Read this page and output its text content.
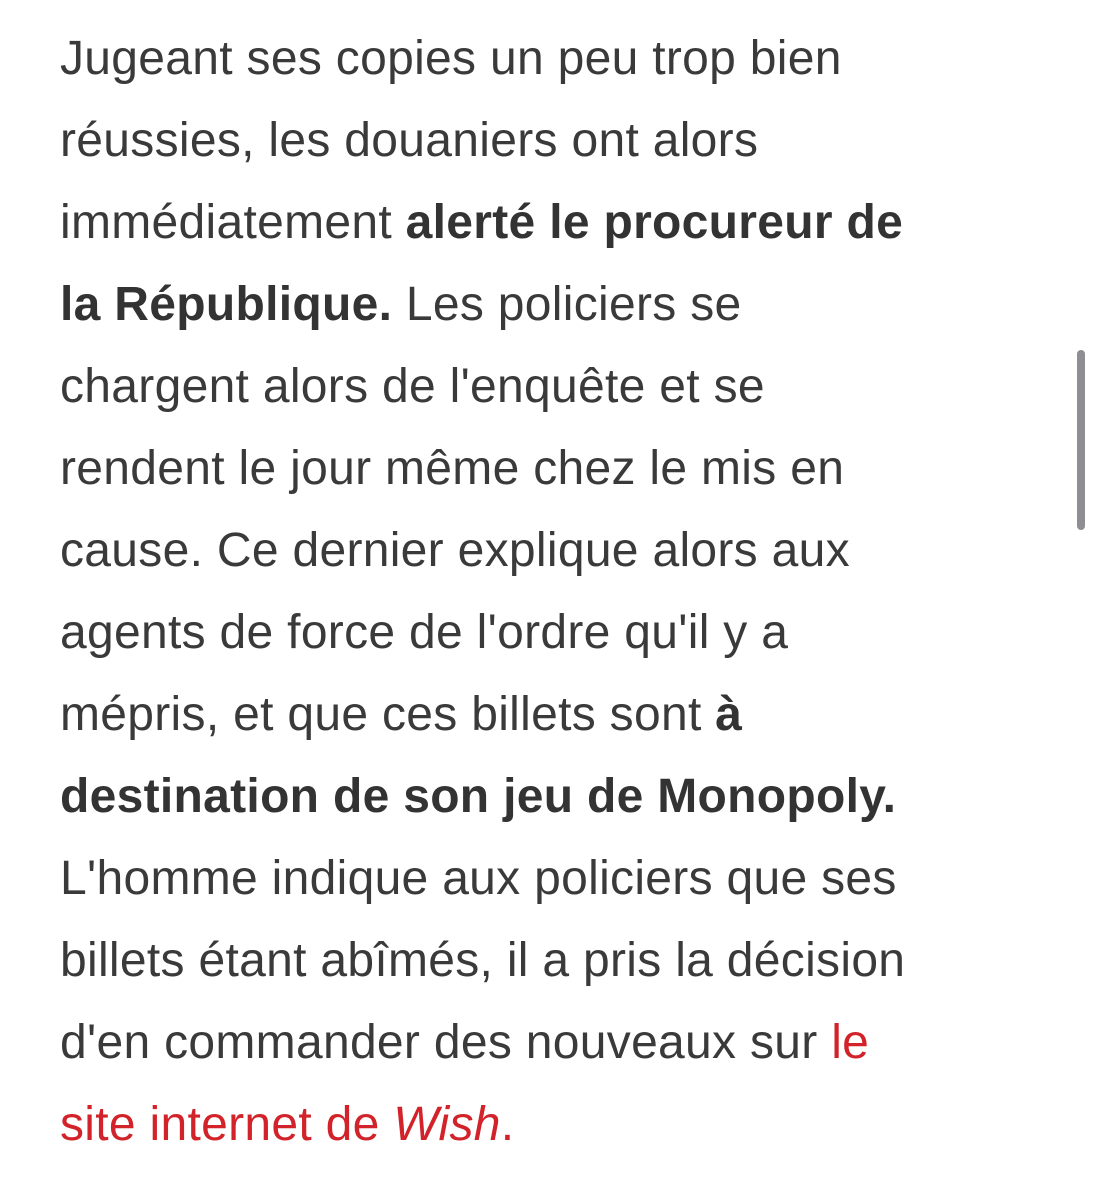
Jugeant ses copies un peu trop bien
réussies, les douaniers ont alors
immédiatement alerté le procureur de
la République. Les policiers se
chargent alors de l'enquête et se
rendent le jour même chez le mis en
cause. Ce dernier explique alors aux
agents de force de l'ordre qu'il y a
mépris, et que ces billets sont à
destination de son jeu de Monopoly.
L'homme indique aux policiers que ses
billets étant abîmés, il a pris la décision
d'en commander des nouveaux sur le
site internet de Wish.
